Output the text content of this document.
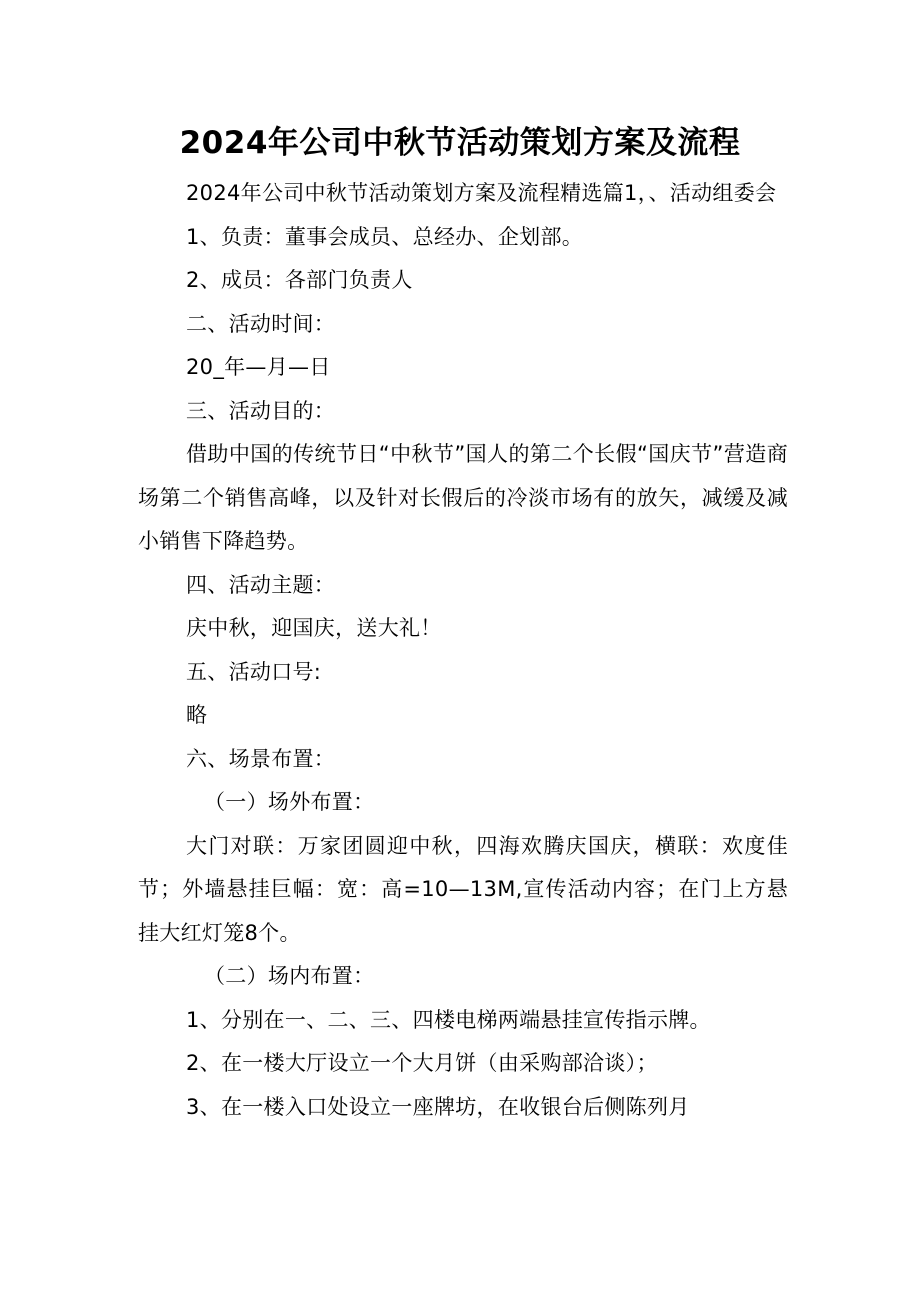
2024年公司中秋节活动策划方案及流程

2024年公司中秋节活动策划方案及流程精选篇1，、活动组委会

1、负责：董事会成员、总经办、企划部。

2、成员：各部门负责人

二、活动时间：

20_年—月—日

三、活动目的：

借助中国的传统节日“中秋节”国人的第二个长假“国庆节”营造商场第二个销售高峰，以及针对长假后的冷淡市场有的放矢，减缓及减小销售下降趋势。

四、活动主题：

庆中秋，迎国庆，送大礼！

五、活动口号:

略

六、场景布置：

（一）场外布置：

大门对联：万家团圆迎中秋，四海欢腾庆国庆，横联：欢度佳节；外墙悬挂巨幅：宽：高=10—13M,宣传活动内容；在门上方悬挂大红灯笼8个。

（二）场内布置：

1、分别在一、二、三、四楼电梯两端悬挂宣传指示牌。

2、在一楼大厅设立一个大月饼（由采购部洽谈）；

3、在一楼入口处设立一座牌坊，在收银台后侧陈列月
